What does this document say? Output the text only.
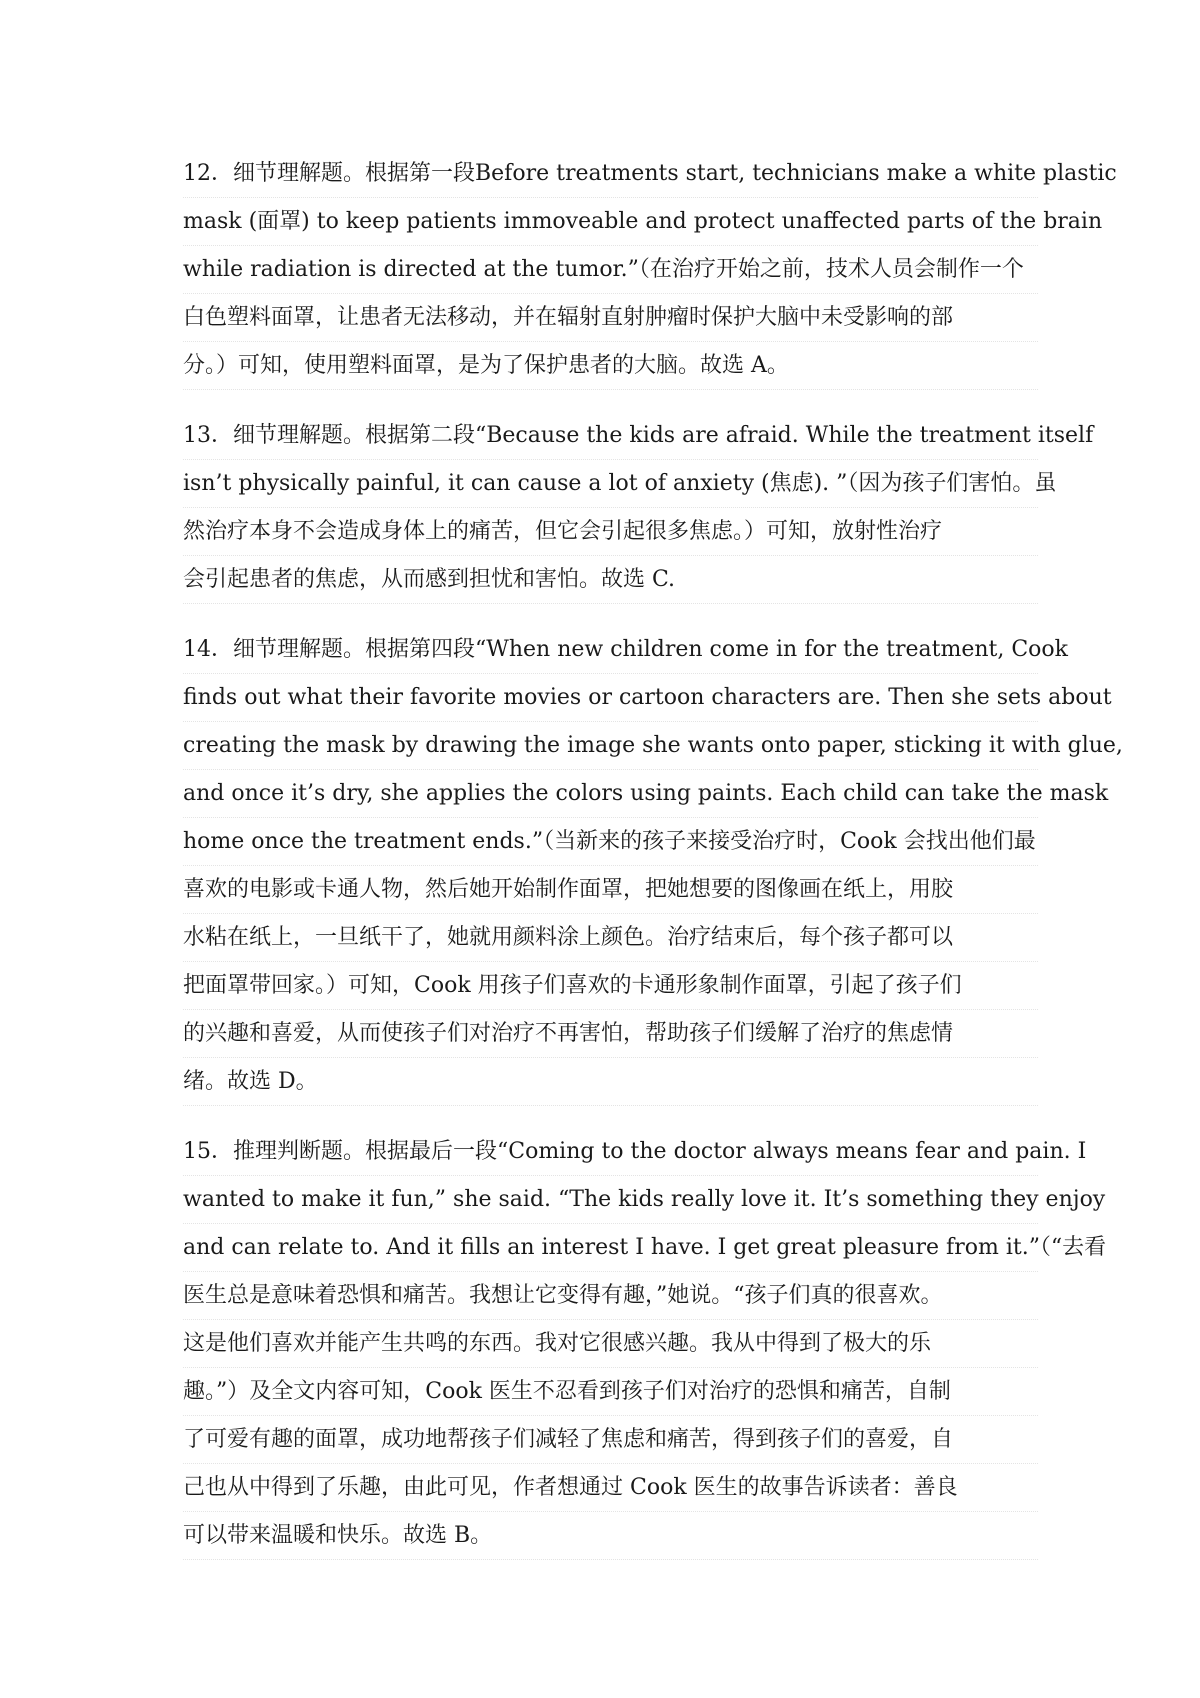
12．细节理解题。根据第一段Before treatments start, technicians make a white plastic
mask (面罩) to keep patients immoveable and protect unaffected parts of the brain
while radiation is directed at the tumor.”（在治疗开始之前，技术人员会制作一个
白色塑料面罩，让患者无法移动，并在辐射直射肿瘤时保护大脑中未受影响的部
分。）可知，使用塑料面罩，是为了保护患者的大脑。故选 A。
13．细节理解题。根据第二段“Because the kids are afraid. While the treatment itself
isn’t physically painful, it can cause a lot of anxiety (焦虑). ”（因为孩子们害怕。虽
然治疗本身不会造成身体上的痛苦，但它会引起很多焦虑。）可知，放射性治疗
会引起患者的焦虑，从而感到担忧和害怕。故选 C.
14．细节理解题。根据第四段“When new children come in for the treatment, Cook
finds out what their favorite movies or cartoon characters are. Then she sets about
creating the mask by drawing the image she wants onto paper, sticking it with glue,
and once it’s dry, she applies the colors using paints. Each child can take the mask
home once the treatment ends.”（当新来的孩子来接受治疗时，Cook 会找出他们最
喜欢的电影或卡通人物，然后她开始制作面罩，把她想要的图像画在纸上，用胶
水粘在纸上，一旦纸干了，她就用颜料涂上颜色。治疗结束后，每个孩子都可以
把面罩带回家。）可知，Cook 用孩子们喜欢的卡通形象制作面罩，引起了孩子们
的兴趣和喜爱，从而使孩子们对治疗不再害怕，帮助孩子们缓解了治疗的焦虑情
绪。故选 D。
15．推理判断题。根据最后一段“Coming to the doctor always means fear and pain. I
wanted to make it fun,” she said. “The kids really love it. It’s something they enjoy
and can relate to. And it fills an interest I have. I get great pleasure from it.”（“去看
医生总是意味着恐惧和痛苦。我想让它变得有趣，”她说。“孩子们真的很喜欢。
这是他们喜欢并能产生共鸣的东西。我对它很感兴趣。我从中得到了极大的乐
趣。”）及全文内容可知，Cook 医生不忍看到孩子们对治疗的恐惧和痛苦，自制
了可爱有趣的面罩，成功地帮孩子们减轻了焦虑和痛苦，得到孩子们的喜爱，自
己也从中得到了乐趣，由此可见，作者想通过 Cook 医生的故事告诉读者：善良
可以带来温暖和快乐。故选 B。
